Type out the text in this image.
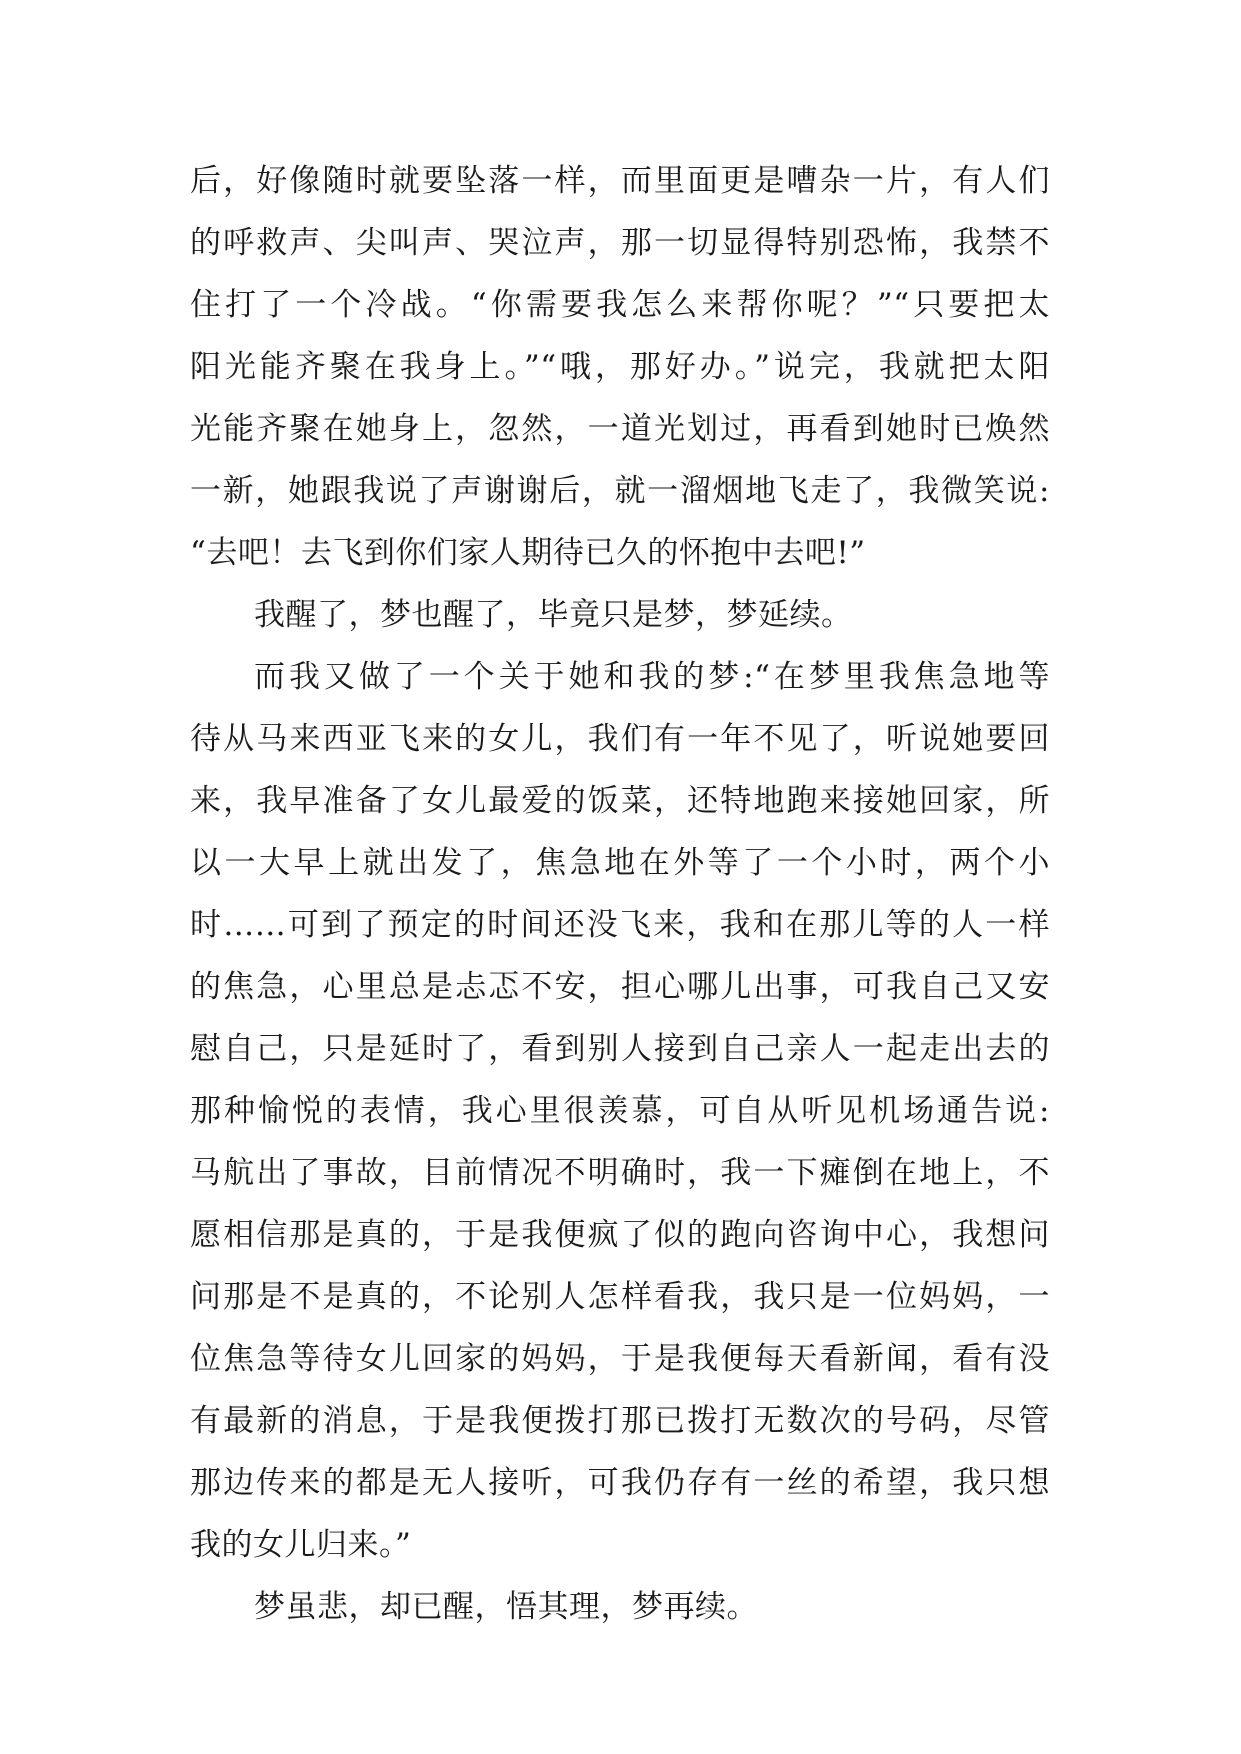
后，好像随时就要坠落一样，而里面更是嘈杂一片，有人们
的呼救声、尖叫声、哭泣声，那一切显得特别恐怖，我禁不
住打了一个冷战。“你需要我怎么来帮你呢？”“只要把太
阳光能齐聚在我身上。”“哦，那好办。”说完，我就把太阳
光能齐聚在她身上，忽然，一道光划过，再看到她时已焕然
一新，她跟我说了声谢谢后，就一溜烟地飞走了，我微笑说:
“去吧！去飞到你们家人期待已久的怀抱中去吧!”
我醒了，梦也醒了，毕竟只是梦，梦延续。
而我又做了一个关于她和我的梦:“在梦里我焦急地等
待从马来西亚飞来的女儿，我们有一年不见了，听说她要回
来，我早准备了女儿最爱的饭菜，还特地跑来接她回家，所
以一大早上就出发了，焦急地在外等了一个小时，两个小
时……可到了预定的时间还没飞来，我和在那儿等的人一样
的焦急，心里总是忐忑不安，担心哪儿出事，可我自己又安
慰自己，只是延时了，看到别人接到自己亲人一起走出去的
那种愉悦的表情，我心里很羡慕，可自从听见机场通告说:
马航出了事故，目前情况不明确时，我一下瘫倒在地上，不
愿相信那是真的，于是我便疯了似的跑向咨询中心，我想问
问那是不是真的，不论别人怎样看我，我只是一位妈妈，一
位焦急等待女儿回家的妈妈，于是我便每天看新闻，看有没
有最新的消息，于是我便拨打那已拨打无数次的号码，尽管
那边传来的都是无人接听，可我仍存有一丝的希望，我只想
我的女儿归来。”
梦虽悲，却已醒，悟其理，梦再续。
